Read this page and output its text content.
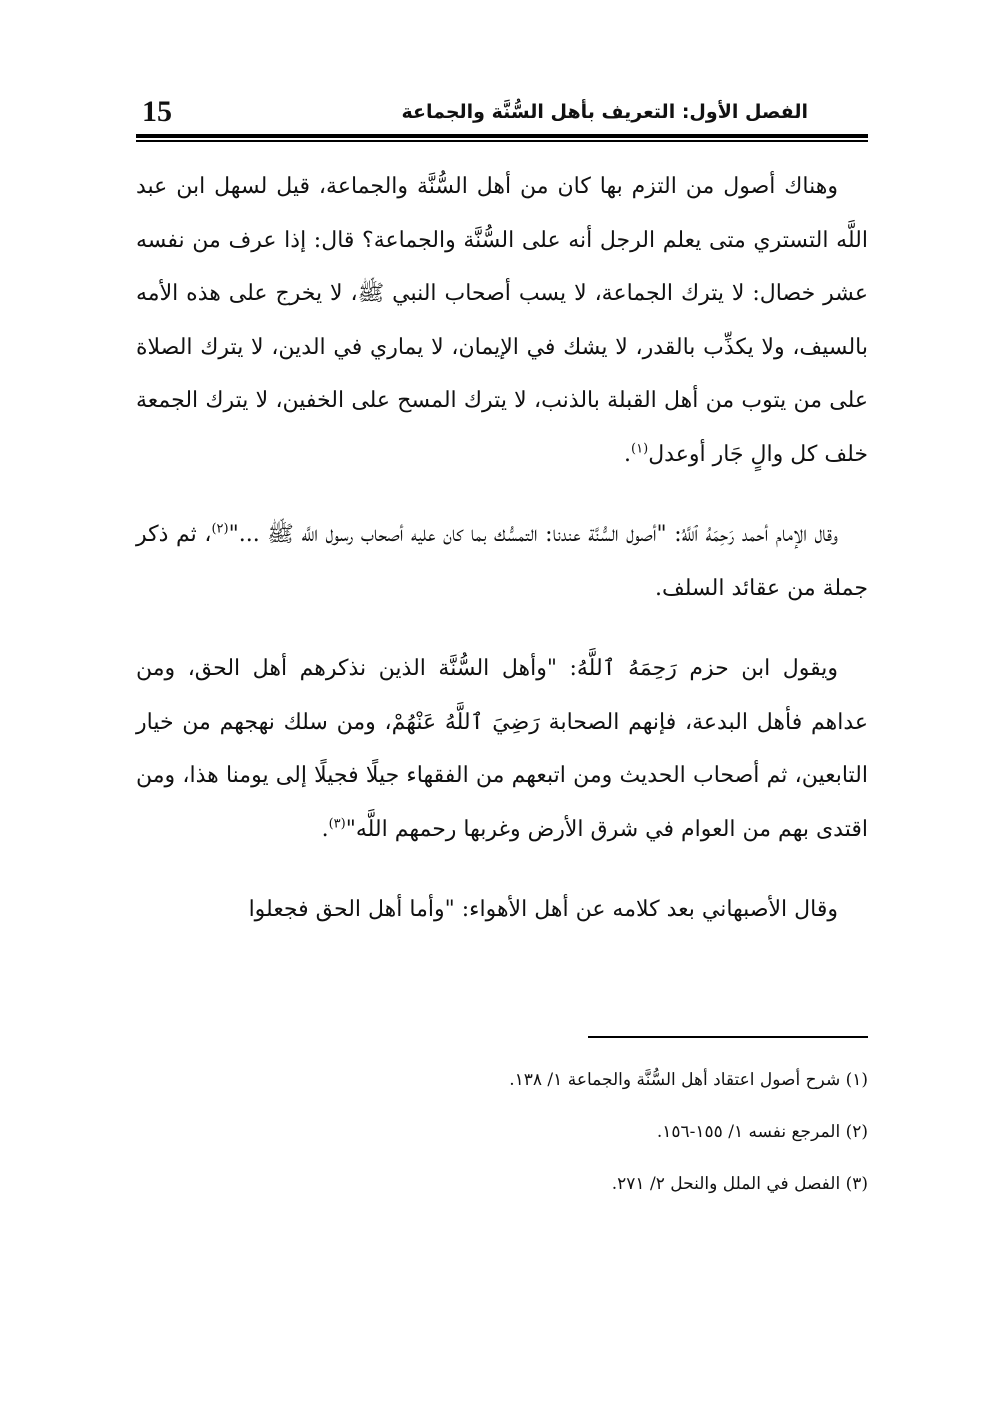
15	الفصل الأول: التعريف بأهل السُّنَّة والجماعة

وهناك أصول من التزم بها كان من أهل السُّنَّة والجماعة، قيل لسهل ابن عبد اللَّه التستري متى يعلم الرجل أنه على السُّنَّة والجماعة؟ قال: إذا عرف من نفسه عشر خصال: لا يترك الجماعة، لا يسب أصحاب النبي ﷺ، لا يخرج على هذه الأمه بالسيف، ولا يكذِّب بالقدر، لا يشك في الإيمان، لا يماري في الدين، لا يترك الصلاة على من يتوب من أهل القبلة بالذنب، لا يترك المسح على الخفين، لا يترك الجمعة خلف كل والٍ جَار أوعدل$^{(١)}$.

وقال الإمام أحمد رَحِمَهُ ٱللَّهُ: "أصول السُّنَّة عندنا: التمسُّك بما كان عليه أصحاب رسول اللَّه ﷺ ..."$^{(٢)}$، ثم ذكر جملة من عقائد السلف.

ويقول ابن حزم رَحِمَهُ ٱللَّهُ: "وأهل السُّنَّة الذين نذكرهم أهل الحق، ومن عداهم فأهل البدعة، فإنهم الصحابة رَضِيَ ٱللَّهُ عَنْهُمْ، ومن سلك نهجهم من خيار التابعين، ثم أصحاب الحديث ومن اتبعهم من الفقهاء جيلًا فجيلًا إلى يومنا هذا، ومن اقتدى بهم من العوام في شرق الأرض وغربها رحمهم اللَّه"$^{(٣)}$.

وقال الأصبهاني بعد كلامه عن أهل الأهواء: "وأما أهل الحق فجعلوا

(١) شرح أصول اعتقاد أهل السُّنَّة والجماعة ١/ ١٣٨.
(٢) المرجع نفسه ١/ ١٥٥-١٥٦.
(٣) الفصل في الملل والنحل ٢/ ٢٧١.
